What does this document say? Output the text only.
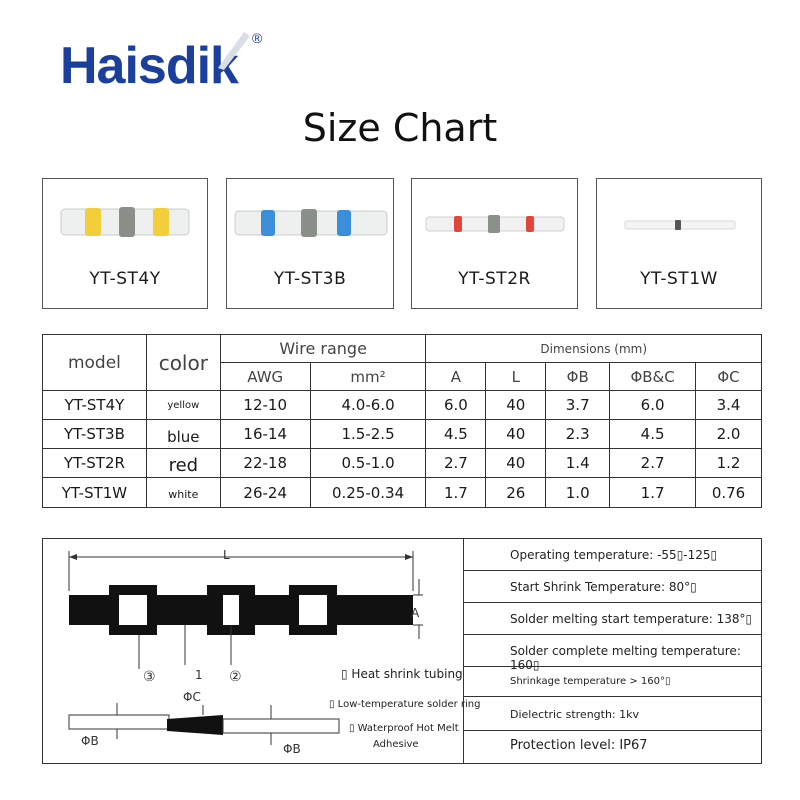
Haisdik ®
Size Chart
YT-ST4Y	YT-ST3B	YT-ST2R	YT-ST1W
model	color	Wire range		Dimensions (mm)				
		AWG	mm²	A	L	ΦB	ΦB&C	ΦC
YT-ST4Y	yellow	12-10	4.0-6.0	6.0	40	3.7	6.0	3.4
YT-ST3B	blue	16-14	1.5-2.5	4.5	40	2.3	4.5	2.0
YT-ST2R	red	22-18	0.5-1.0	2.7	40	1.4	2.7	1.2
YT-ST1W	white	26-24	0.25-0.34	1.7	26	1.0	1.7	0.76
L
A
③	1 ②
ΦC
ΦB
ΦB
▯ Heat shrink tubing
▯ Low-temperature solder ring
▯ Waterproof Hot Melt
Adhesive
Operating temperature: -55▯-125▯
Start Shrink Temperature: 80°▯
Solder melting start temperature: 138°▯
Solder complete melting temperature: 160▯
Shrinkage temperature > 160°▯
Dielectric strength: 1kv
Protection level: IP67
